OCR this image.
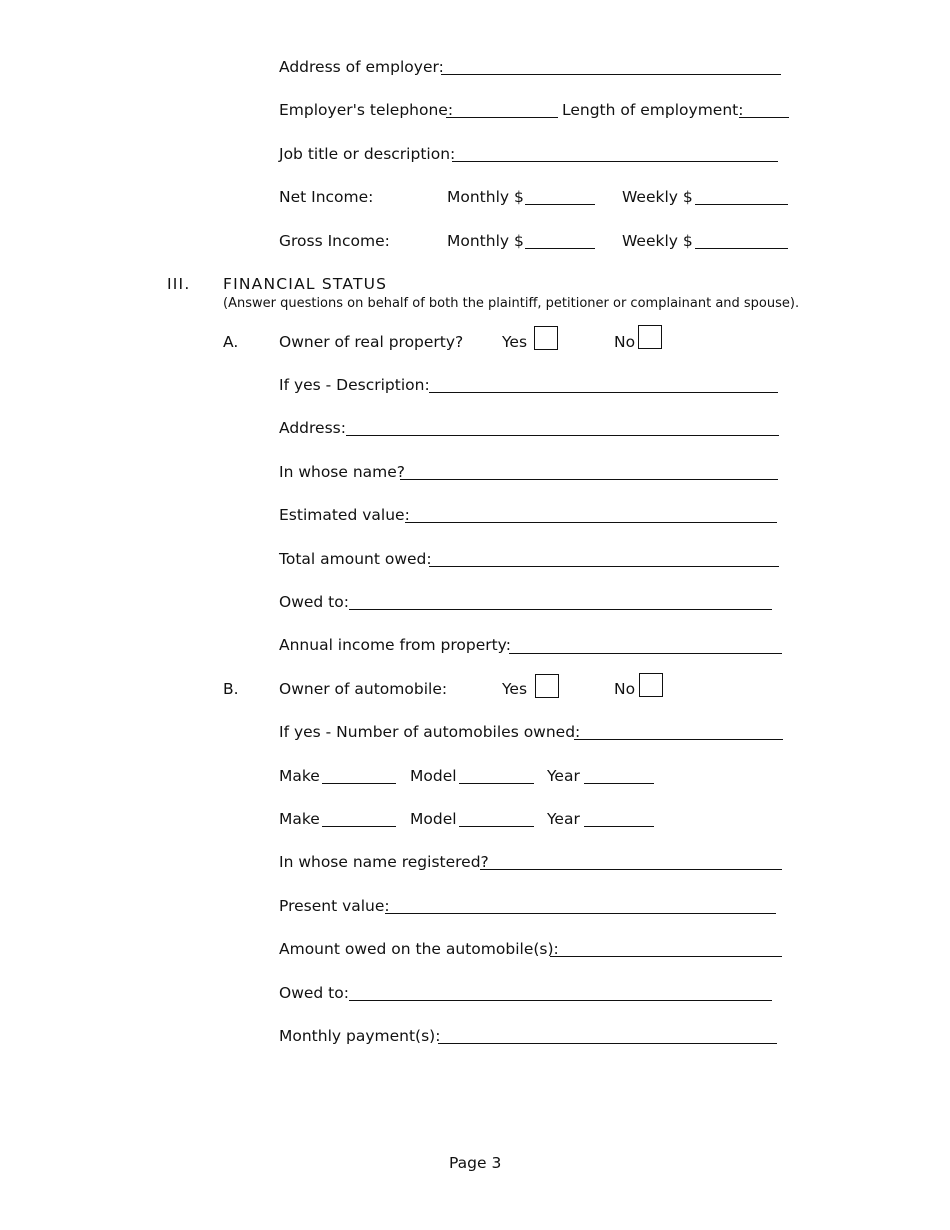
Address of employer:
Employer's telephone:	Length of employment:
Job title or description:
Net Income:	Monthly $	Weekly $
Gross Income:	Monthly $	Weekly $
III. FINANCIAL STATUS
(Answer questions on behalf of both the plaintiff, petitioner or complainant and spouse).
A.	Owner of real property? Yes	No
If yes - Description:
Address:
In whose name?
Estimated value:
Total amount owed:
Owed to:
Annual income from property:
B.	Owner of automobile:	Yes	No
If yes - Number of automobiles owned:
Make	Model	Year
Make	Model	Year
In whose name registered?
Present value:
Amount owed on the automobile(s):
Owed to:
Monthly payment(s):
Page 3
